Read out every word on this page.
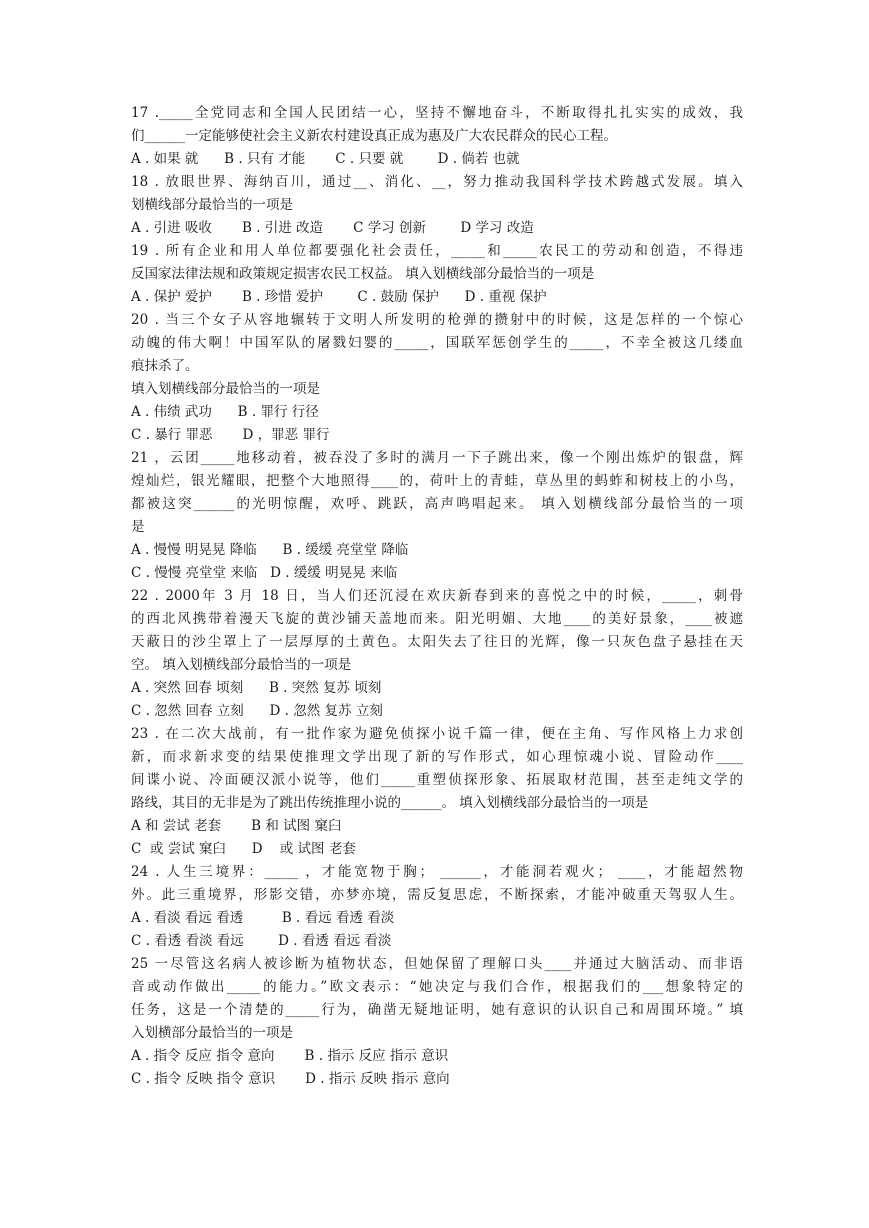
17 ._____全党同志和全国人民团结一心，坚持不懈地奋斗，不断取得扎扎实实的成效，我
们______一定能够使社会主义新农村建设真正成为惠及广大农民群众的民心工程。
A . 如果 就      B . 只有 才能       C . 只要 就        D . 倘若 也就
18 . 放眼世界、海纳百川，通过__、消化、__，努力推动我国科学技术跨越式发展。填入
划横线部分最恰当的一项是
A . 引进 吸收       B . 引进 改造       C 学习 创新        D 学习 改造
19 . 所有企业和用人单位都要强化社会责任，_____和_____农民工的劳动和创造，不得违
反国家法律法规和政策规定损害农民工权益。 填入划横线部分最恰当的一项是
A . 保护 爱护       B . 珍惜 爱护        C . 鼓励 保护      D . 重视 保护
20 . 当三个女子从容地辗转于文明人所发明的枪弹的攒射中的时候，这是怎样的一个惊心
动魄的伟大啊！中国军队的屠戮妇婴的_____，国联军惩创学生的_____，不幸全被这几缕血
痕抹杀了。
填入划横线部分最恰当的一项是
A . 伟绩 武功      B . 罪行 行径
C . 暴行 罪恶       D ，罪恶 罪行
21 ，云团_____地移动着，被吞没了多时的满月一下子跳出来，像一个刚出炼炉的银盘，辉
煌灿烂，银光耀眼，把整个大地照得____的，荷叶上的青蛙，草丛里的蚂蚱和树枝上的小鸟，
都被这突______的光明惊醒，欢呼、跳跃，高声鸣唱起来。 填入划横线部分最恰当的一项
是
A . 慢慢 明晃晃 降临      B . 缓缓 亮堂堂 降临
C . 慢慢 亮堂堂 来临   D . 缓缓 明晃晃 来临
22 . 2000年 3 月 18 日，当人们还沉浸在欢庆新春到来的喜悦之中的时候，_____，刺骨
的西北风携带着漫天飞旋的黄沙铺天盖地而来。阳光明媚、大地____的美好景象，____被遮
天蔽日的沙尘罩上了一层厚厚的土黄色。太阳失去了往日的光辉，像一只灰色盘子悬挂在天
空。 填入划横线部分最恰当的一项是
A . 突然 回春 顷刻      B . 突然 复苏 顷刻
C . 忽然 回春 立刻      D . 忽然 复苏 立刻
23 . 在二次大战前，有一批作家为避免侦探小说千篇一律，便在主角、写作风格上力求创
新，而求新求变的结果使推理文学出现了新的写作形式，如心理惊魂小说、冒险动作____
间谍小说、冷面硬汉派小说等，他们_____重塑侦探形象、拓展取材范围，甚至走纯文学的
路线，其目的无非是为了跳出传统推理小说的______。 填入划横线部分最恰当的一项是
A 和 尝试 老套       B 和 试图 窠臼
C  或 尝试 窠臼      D    或 试图 老套
24 . 人生三境界：_____ ，才能宽物于胸； ______，才能洞若观火； ____，才能超然物
外。此三重境界，形影交错，亦梦亦境，需反复思虑，不断探索，才能冲破重天驾驭人生。
A . 看淡 看远 看透         B . 看远 看透 看淡
C . 看透 看淡 看远        D . 看透 看远 看淡
25 一尽管这名病人被诊断为植物状态，但她保留了理解口头____并通过大脑活动、而非语
音或动作做出_____的能力。”欧文表示：“她决定与我们合作，根据我们的___想象特定的
任务，这是一个清楚的_____行为，确凿无疑地证明，她有意识的认识自己和周围环境。” 填
入划横部分最恰当的一项是
A . 指令 反应 指令 意向       B . 指示 反应 指示 意识
C . 指令 反映 指令 意识       D . 指示 反映 指示 意向
